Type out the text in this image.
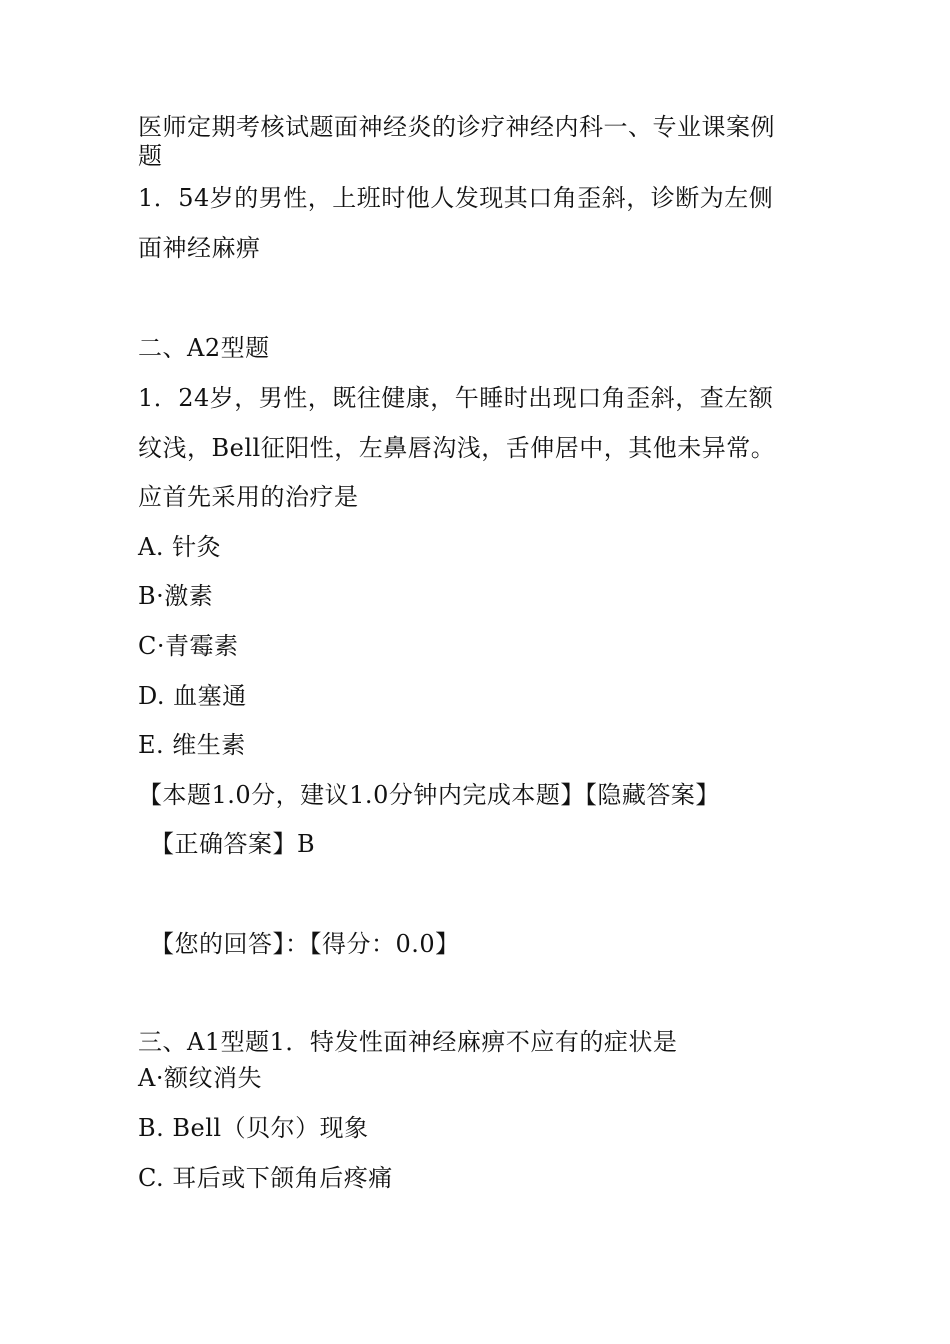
医师定期考核试题面神经炎的诊疗神经内科一、专业课案例
题
1．54岁的男性，上班时他人发现其口角歪斜，诊断为左侧
面神经麻痹
二、A2型题
1．24岁，男性，既往健康，午睡时出现口角歪斜，查左额
纹浅，Bell征阳性，左鼻唇沟浅，舌伸居中，其他未异常。
应首先采用的治疗是
A. 针灸
B·激素
C·青霉素
D. 血塞通
E. 维生素
【本题1.0分，建议1.0分钟内完成本题】【隐藏答案】
【正确答案】B
【您的回答】：【得分：0.0】
三、A1型题1．特发性面神经麻痹不应有的症状是
A·额纹消失
B. Bell（贝尔）现象
C. 耳后或下颌角后疼痛
